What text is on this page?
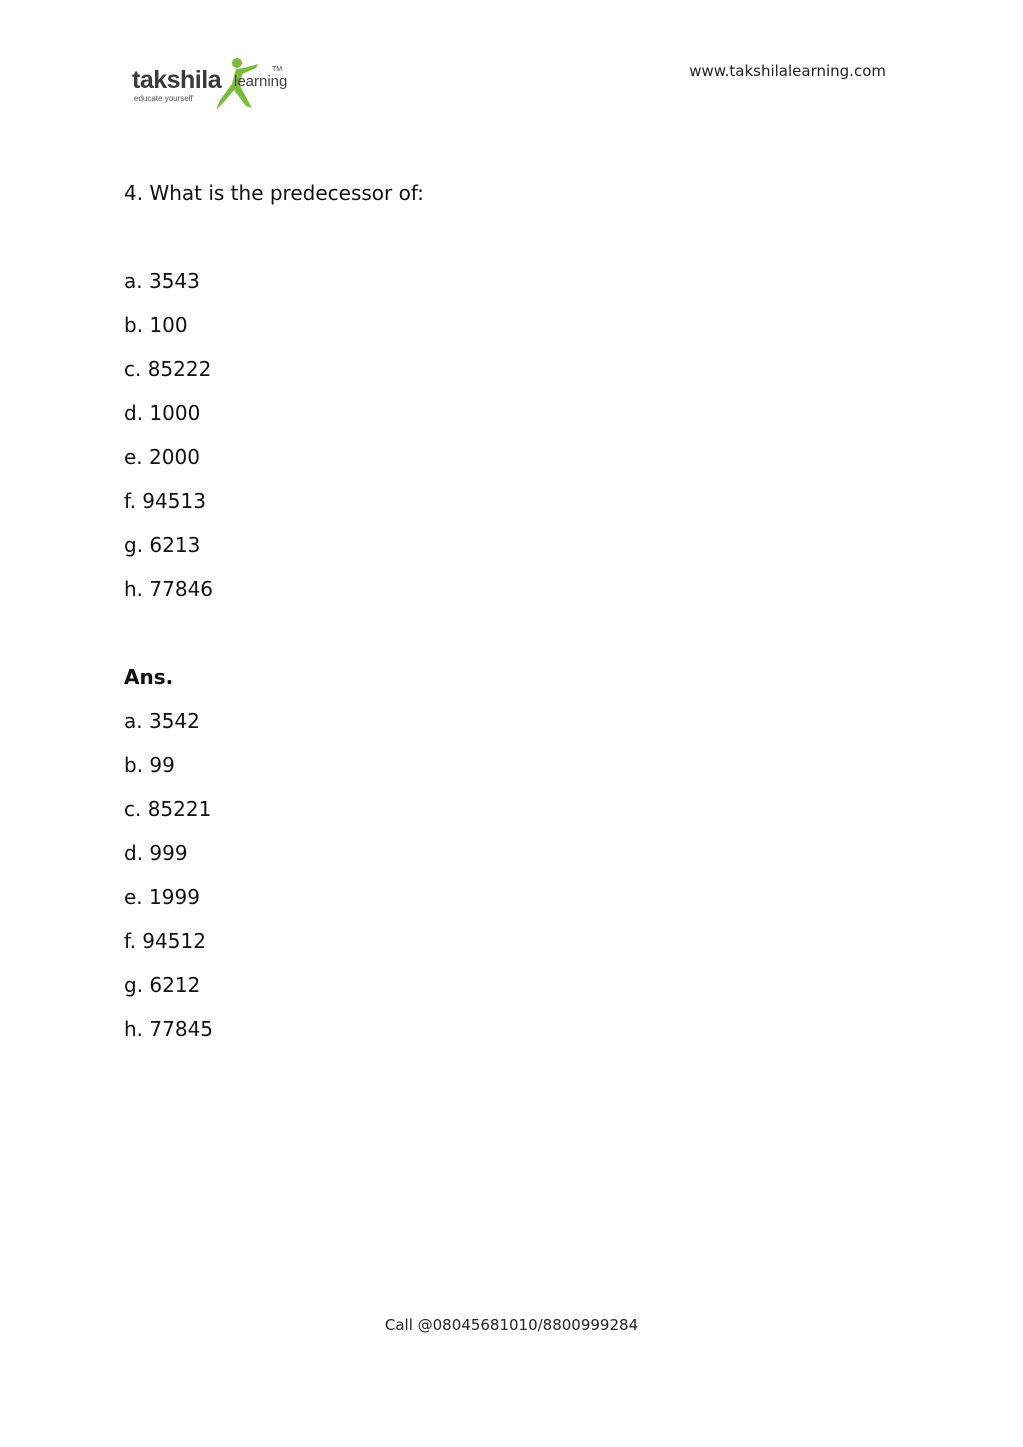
takshila learning
educate yourself
TM	www.takshilalearning.com
4. What is the predecessor of:
a. 3543
b. 100
c. 85222
d. 1000
e. 2000
f. 94513
g. 6213
h. 77846
Ans.
a. 3542
b. 99
c. 85221
d. 999
e. 1999
f. 94512
g. 6212
h. 77845
Call @08045681010/8800999284
